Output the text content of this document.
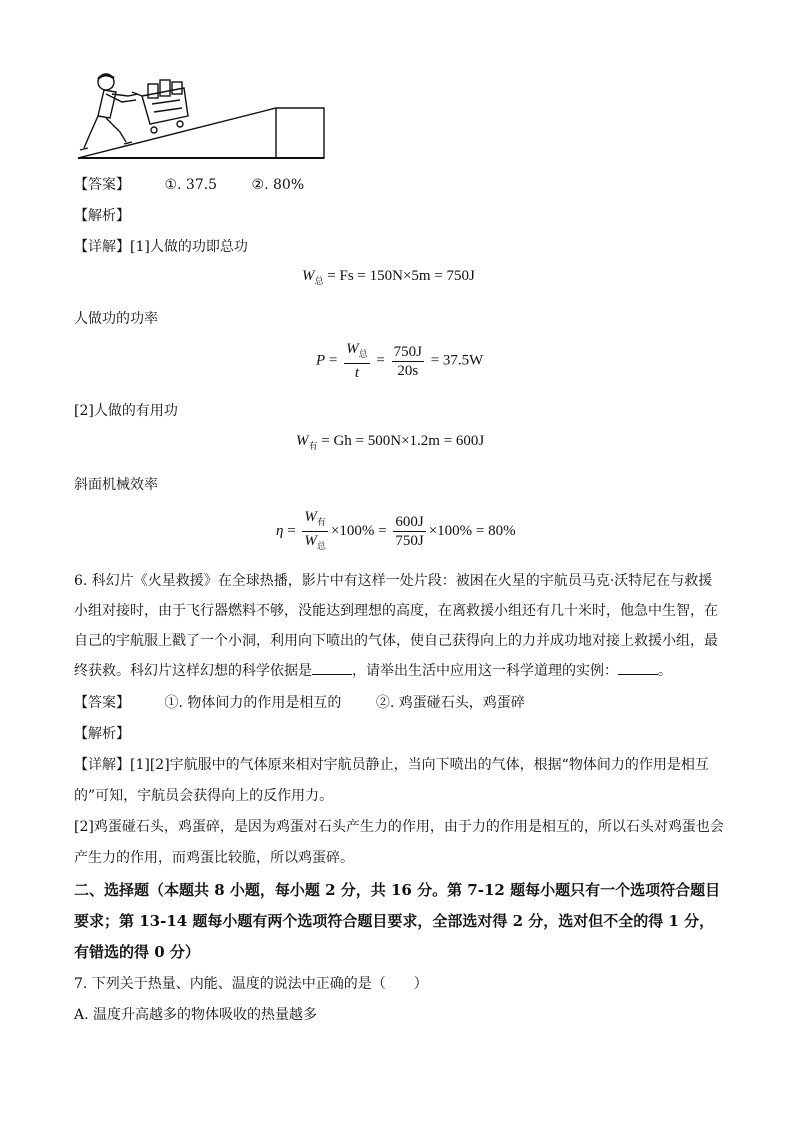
【答案】 ①. 37.5 ②. 80%
【解析】
【详解】[1]人做的功即总功
$W_总 = Fs = 150N\times 5m = 750J$
人做功的功率
$P = \frac{W_总}{t} = \frac{750J}{20s} = 37.5W$
[2]人做的有用功
$W_有 = Gh = 500N\times 1.2m = 600J$
斜面机械效率
$\eta = \frac{W_有}{W_总} \times 100\% = \frac{600J}{750J} \times 100\% = 80\%$
6. 科幻片《火星救援》在全球热播，影片中有这样一处片段：被困在火星的宇航员马克·沃特尼在与救援
小组对接时，由于飞行器燃料不够，没能达到理想的高度，在离救援小组还有几十米时，他急中生智，在
自己的宇航服上戳了一个小洞，利用向下喷出的气体，使自己获得向上的力并成功地对接上救援小组，最
终获救。科幻片这样幻想的科学依据是	，请举出生活中应用这一科学道理的实例：	。
【答案】 ①. 物体间力的作用是相互的 ②. 鸡蛋碰石头，鸡蛋碎
【解析】
【详解】[1][2]宇航服中的气体原来相对宇航员静止，当向下喷出的气体，根据“物体间力的作用是相互
的”可知，宇航员会获得向上的反作用力。
[2]鸡蛋碰石头，鸡蛋碎，是因为鸡蛋对石头产生力的作用，由于力的作用是相互的，所以石头对鸡蛋也会
产生力的作用，而鸡蛋比较脆，所以鸡蛋碎。
二、选择题（本题共 8 小题，每小题 2 分，共 16 分。第 7-12 题每小题只有一个选项符合题目
要求；第 13-14 题每小题有两个选项符合题目要求，全部选对得 2 分，选对但不全的得 1 分，
有错选的得 0 分）
7. 下列关于热量、内能、温度的说法中正确的是（　　）
A. 温度升高越多的物体吸收的热量越多
